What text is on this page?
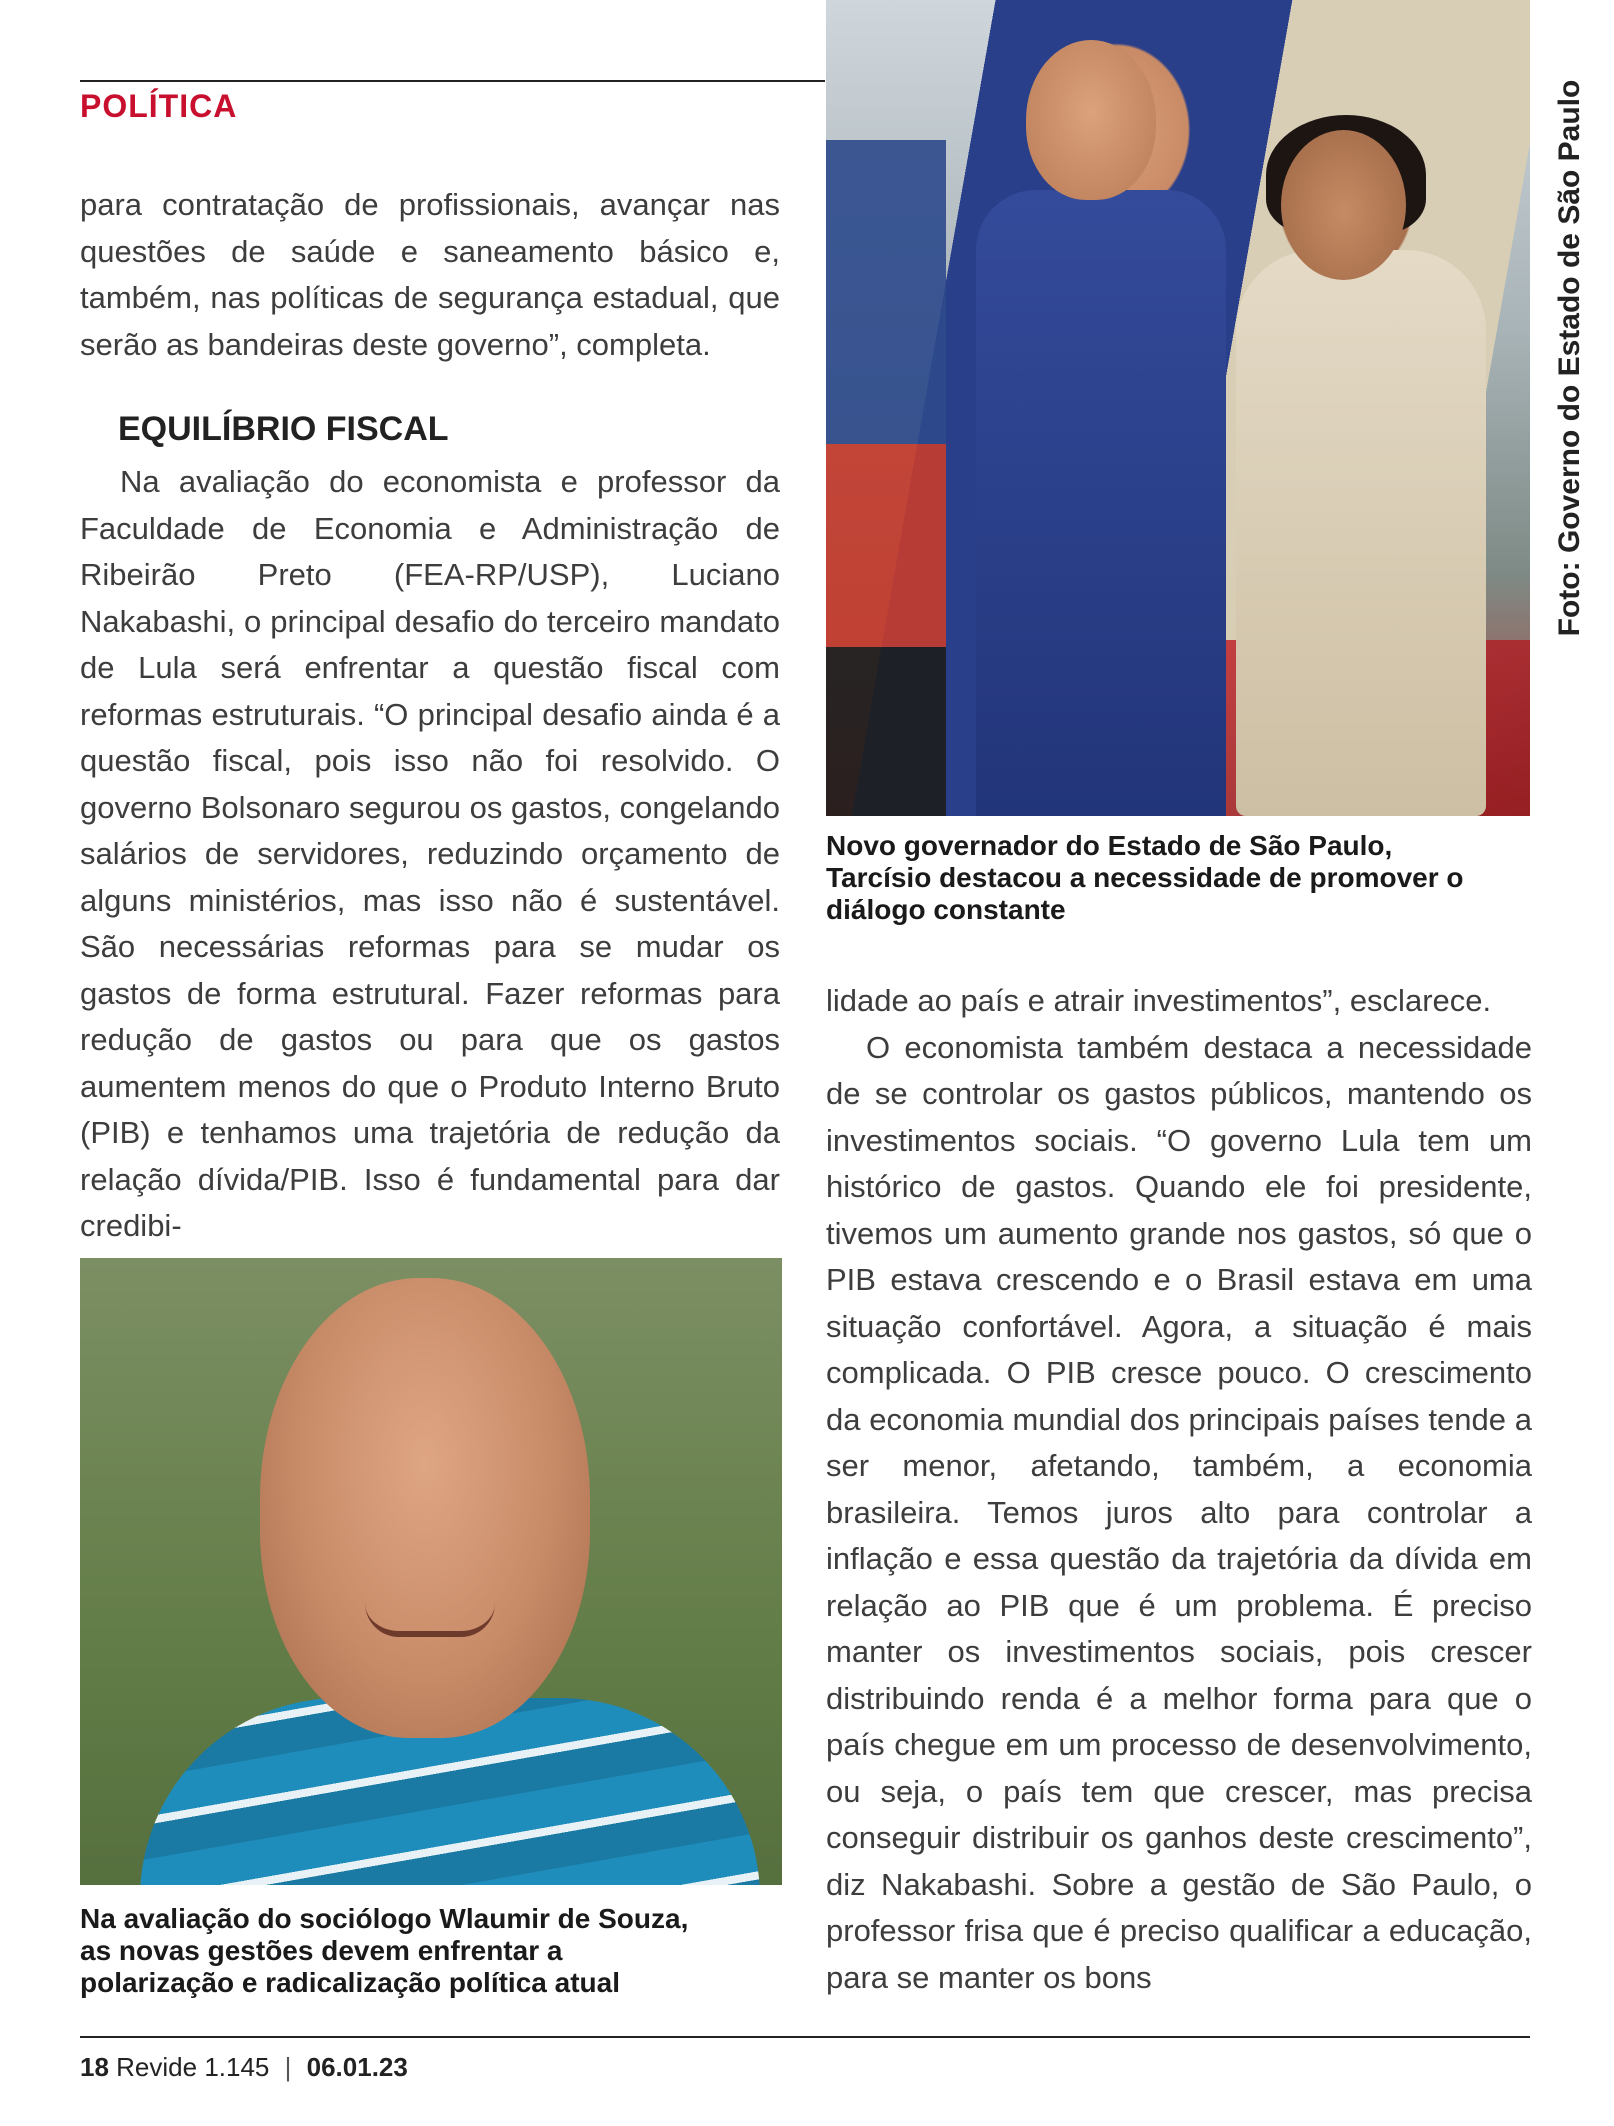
POLÍTICA

para contratação de profissionais, avançar nas questões de saúde e saneamento básico e, também, nas políticas de segurança estadual, que serão as bandeiras deste governo”, completa.

EQUILÍBRIO FISCAL

Na avaliação do economista e professor da Faculdade de Economia e Administração de Ribeirão Preto (FEA-RP/USP), Luciano Nakabashi, o principal desafio do terceiro mandato de Lula será enfrentar a questão fiscal com reformas estruturais. “O principal desafio ainda é a questão fiscal, pois isso não foi resolvido. O governo Bolsonaro segurou os gastos, congelando salários de servidores, reduzindo orçamento de alguns ministérios, mas isso não é sustentável. São necessárias reformas para se mudar os gastos de forma estrutural. Fazer reformas para redução de gastos ou para que os gastos aumentem menos do que o Produto Interno Bruto (PIB) e tenhamos uma trajetória de redução da relação dívida/PIB. Isso é fundamental para dar credibi-

Foto: Governo do Estado de São Paulo

Novo governador do Estado de São Paulo, Tarcísio destacou a necessidade de promover o diálogo constante

lidade ao país e atrair investimentos”, esclarece.

O economista também destaca a necessidade de se controlar os gastos públicos, mantendo os investimentos sociais. “O governo Lula tem um histórico de gastos. Quando ele foi presidente, tivemos um aumento grande nos gastos, só que o PIB estava crescendo e o Brasil estava em uma situação confortável. Agora, a situação é mais complicada. O PIB cresce pouco. O crescimento da economia mundial dos principais países tende a ser menor, afetando, também, a economia brasileira. Temos juros alto para controlar a inflação e essa questão da trajetória da dívida em relação ao PIB que é um problema. É preciso manter os investimentos sociais, pois crescer distribuindo renda é a melhor forma para que o país chegue em um processo de desenvolvimento, ou seja, o país tem que crescer, mas precisa conseguir distribuir os ganhos deste crescimento”, diz Nakabashi. Sobre a gestão de São Paulo, o professor frisa que é preciso qualificar a educação, para se manter os bons

Na avaliação do sociólogo Wlaumir de Souza, as novas gestões devem enfrentar a polarização e radicalização política atual

18 Revide 1.145 | 06.01.23
